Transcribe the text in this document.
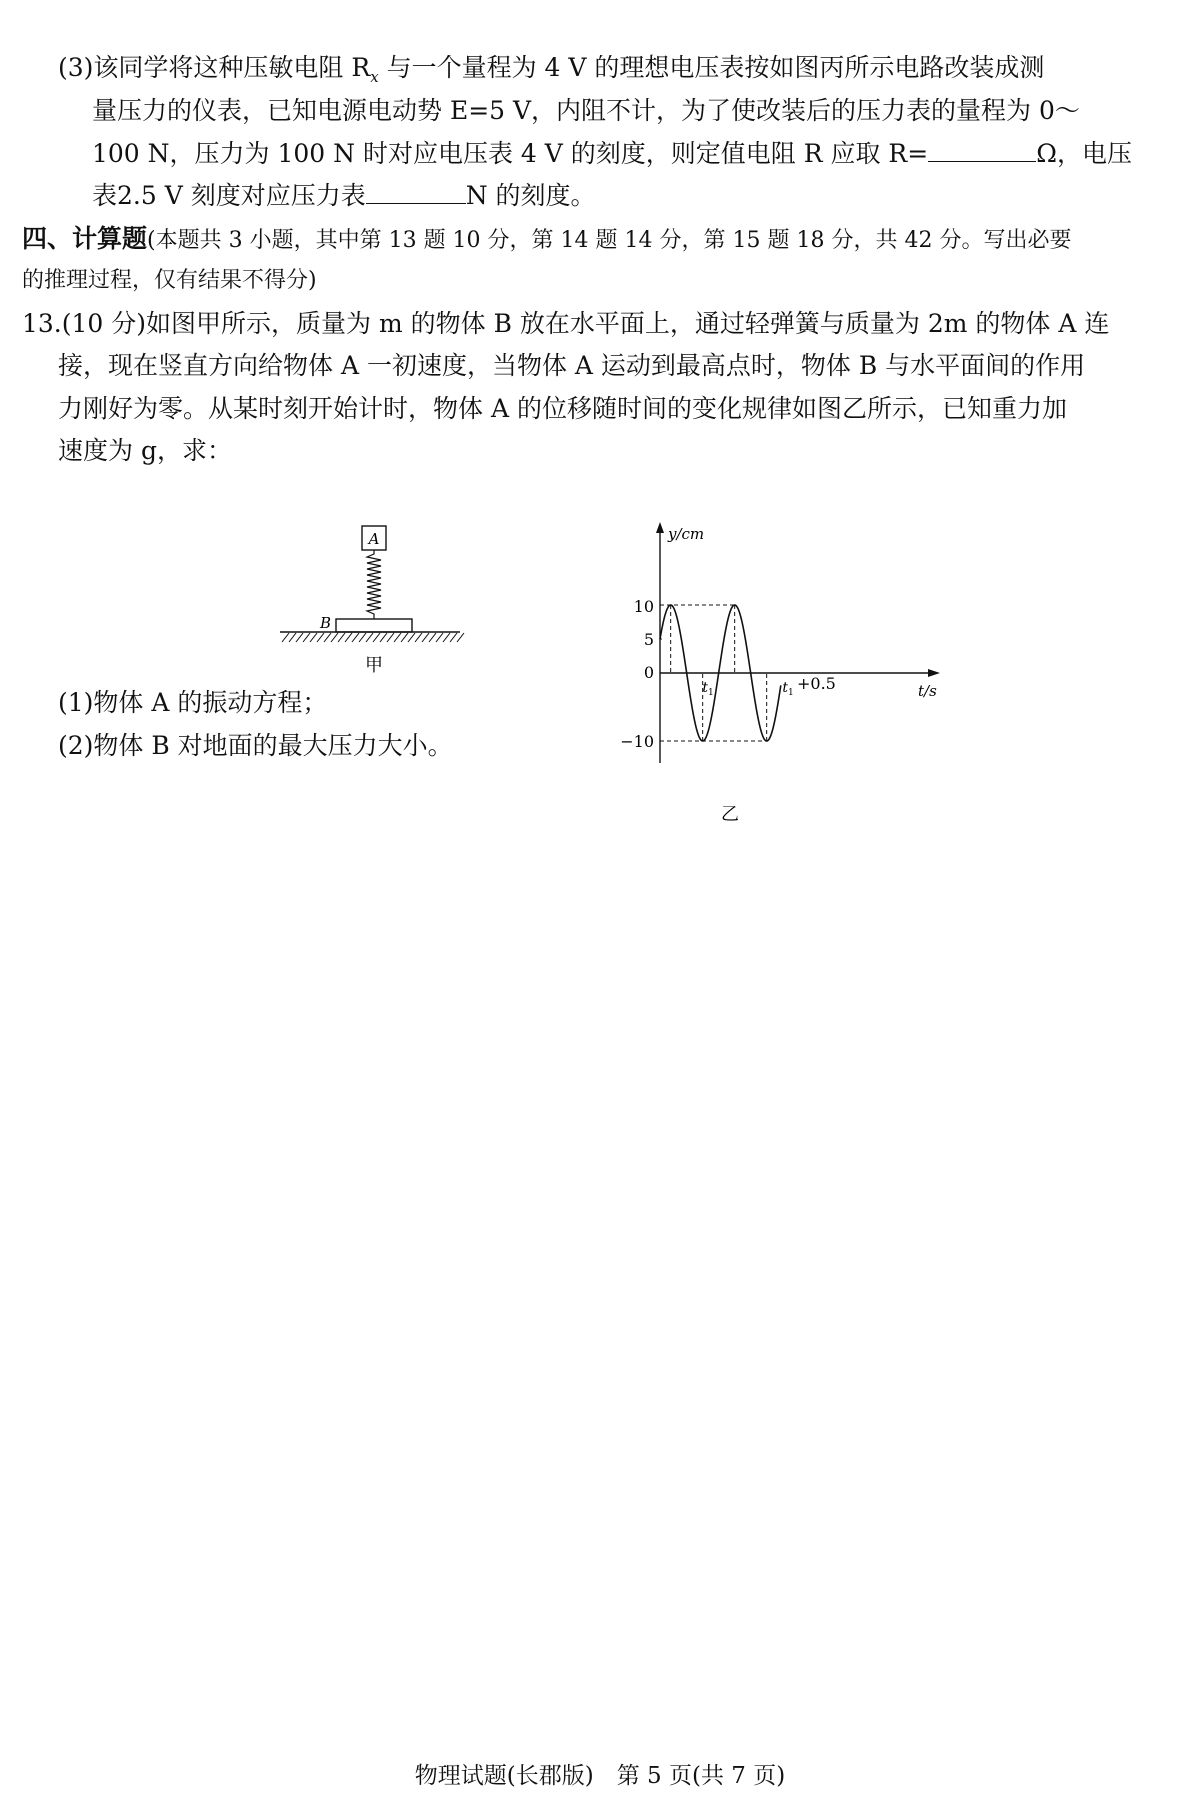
(3)该同学将这种压敏电阻 $R_x$ 与一个量程为 4 V 的理想电压表按如图丙所示电路改装成测
量压力的仪表，已知电源电动势 E=5 V，内阻不计，为了使改装后的压力表的量程为 0～
100 N，压力为 100 N 时对应电压表 4 V 的刻度，则定值电阻 R 应取 R=	Ω，电压
表2.5 V 刻度对应压力表	N 的刻度。
四、计算题(本题共 3 小题，其中第 13 题 10 分，第 14 题 14 分，第 15 题 18 分，共 42 分。写出必要
的推理过程，仅有结果不得分)
13.(10 分)如图甲所示，质量为 m 的物体 B 放在水平面上，通过轻弹簧与质量为 2m 的物体 A 连
接，现在竖直方向给物体 A 一初速度，当物体 A 运动到最高点时，物体 B 与水平面间的作用
力刚好为零。从某时刻开始计时，物体 A 的位移随时间的变化规律如图乙所示，已知重力加
速度为 g，求：
A
B
甲
y/cm
t/s
10
5
0
−10
$t_1$	$t_1 +0.5$
乙
(1)物体 A 的振动方程；
(2)物体 B 对地面的最大压力大小。
物理试题(长郡版)　第 5 页(共 7 页)
